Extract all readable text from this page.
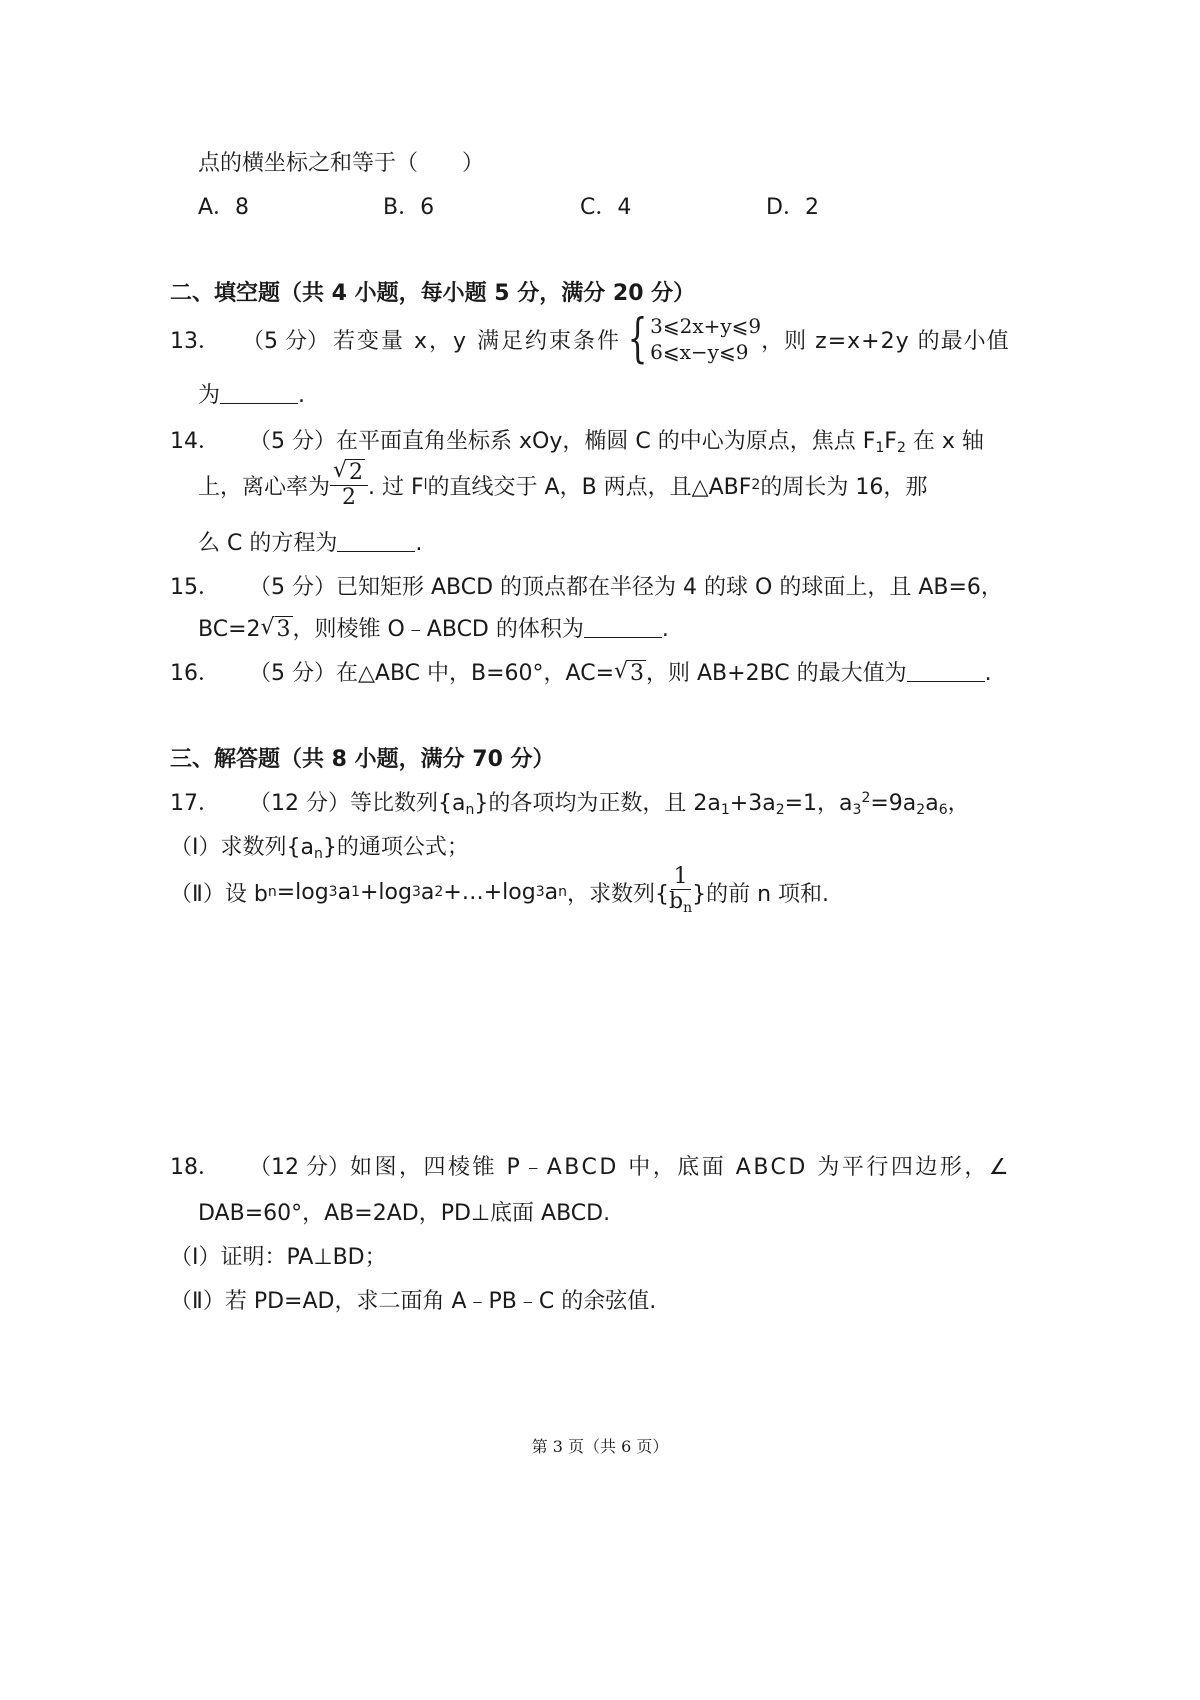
点的横坐标之和等于（　　）
A．8	B．6	C．4	D．2
二、填空题（共 4 小题，每小题 5 分，满分 20 分）
13． （5 分） 若变量 x，y 满足约束条件 { 3⩽2x+y⩽9
6⩽x−y⩽9 ，则 z=x+2y 的最小值
为	.
14． （5 分）在平面直角坐标系 xOy，椭圆 C 的中心为原点，焦点 $F_1F_2$ 在 x 轴
上，离心率为 √ $\frac{2}{2}$ . 过 F l 的直线交于 A，B 两点，且△ABF 2 的周长为 16，那
么 C 的方程为	.
15． （5 分）已知矩形 ABCD 的顶点都在半径为 4 的球 O 的球面上，且 AB=6，
BC=2 √ 3，则棱锥 O﹣ABCD 的体积为	.
16． （5 分）在△ABC 中，B=60°，AC= √ 3，则 AB+2BC 的最大值为	.
三、解答题（共 8 小题，满分 70 分）
17． （12 分）等比数列$\{a_n\}$的各项均为正数，且 $2a_1+3a_2=1$，$a_3^2=9a_2a_6$，
（Ⅰ）求数列$\{a_n\}$的通项公式；
（Ⅱ） 设 b n =log 3 a 1 +log 3 a 2 +…+log 3 a n ，求数列{ $\frac{1}{b_n}$ }的前 n 项和.
18． （12 分）如图，四棱锥 P﹣ABCD 中，底面 ABCD 为平行四边形，∠
DAB=60°，AB=2AD，PD⊥底面 ABCD.
（Ⅰ）证明：PA⊥BD；
（Ⅱ）若 PD=AD，求二面角 A﹣PB﹣C 的余弦值.
第 3 页（共 6 页）
